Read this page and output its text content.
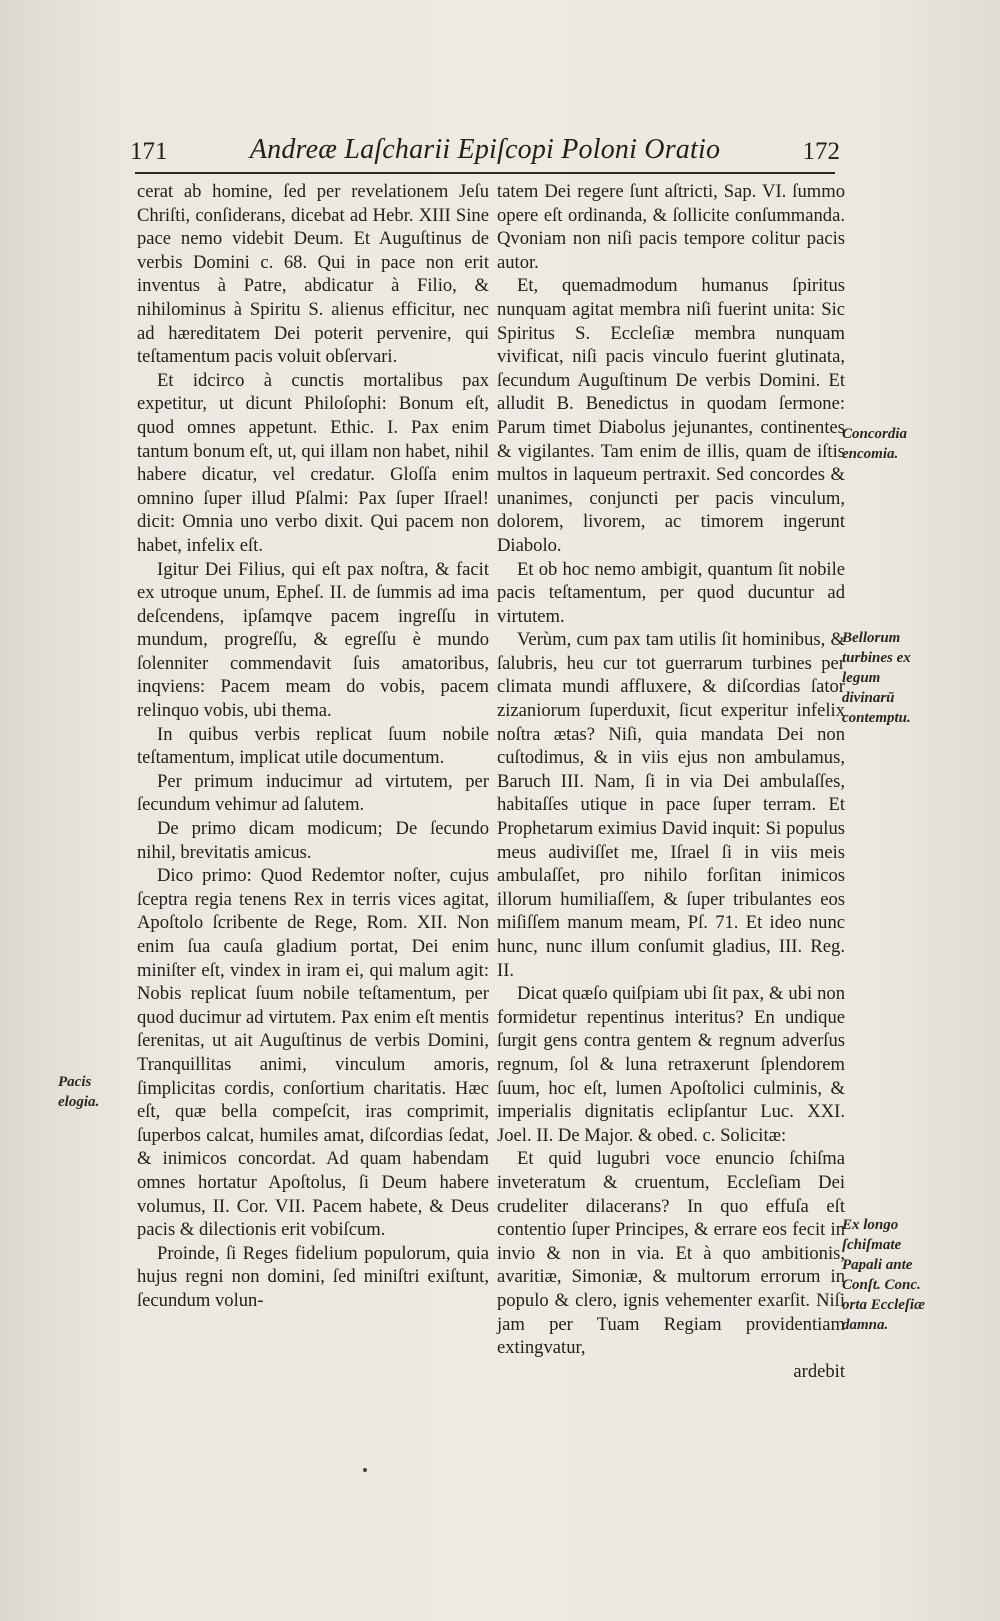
171	Andreæ Laſcharii Epiſcopi Poloni Oratio	172

cerat ab homine, ſed per revelationem Jeſu Chriſti, conſiderans, dicebat ad Hebr. XIII Sine pace nemo videbit Deum. Et Auguſtinus de verbis Domini c. 68. Qui in pace non erit inventus à Patre, abdicatur à Filio, & nihilominus à Spiritu S. alienus efficitur, nec ad hæreditatem Dei poterit pervenire, qui teſtamentum pacis voluit obſervari.

Et idcirco à cunctis mortalibus pax expetitur, ut dicunt Philoſophi: Bonum eſt, quod omnes appetunt. Ethic. I. Pax enim tantum bonum eſt, ut, qui illam non habet, nihil habere dicatur, vel credatur. Gloſſa enim omnino ſuper illud Pſalmi: Pax ſuper Iſrael! dicit: Omnia uno verbo dixit. Qui pacem non habet, infelix eſt.

Igitur Dei Filius, qui eſt pax noſtra, & facit ex utroque unum, Epheſ. II. de ſummis ad ima deſcendens, ipſamqve pacem ingreſſu in mundum, progreſſu, & egreſſu è mundo ſolenniter commendavit ſuis amatoribus, inqviens: Pacem meam do vobis, pacem relinquo vobis, ubi thema.

In quibus verbis replicat ſuum nobile teſtamentum, implicat utile documentum.

Per primum inducimur ad virtutem, per ſecundum vehimur ad ſalutem.

De primo dicam modicum; De ſecundo nihil, brevitatis amicus.

Dico primo: Quod Redemtor noſter, cujus ſceptra regia tenens Rex in terris vices agitat, Apoſtolo ſcribente de Rege, Rom. XII. Non enim ſua cauſa gladium portat, Dei enim miniſter eſt, vindex in iram ei, qui malum agit: Nobis replicat ſuum nobile teſtamentum, per quod ducimur ad virtutem. Pax enim eſt mentis ſerenitas, ut ait Auguſtinus de verbis Domini, Tranquillitas animi, vinculum amoris, ſimplicitas cordis, conſortium charitatis. Hæc eſt, quæ bella compeſcit, iras comprimit, ſuperbos calcat, humiles amat, diſcordias ſedat, & inimicos concordat. Ad quam habendam omnes hortatur Apoſtolus, ſi Deum habere volumus, II. Cor. VII. Pacem habete, & Deus pacis & dilectionis erit vobiſcum.

Proinde, ſi Reges fidelium populorum, quia hujus regni non domini, ſed miniſtri exiſtunt, ſecundum volun-

tatem Dei regere ſunt aſtricti, Sap. VI. ſummo opere eſt ordinanda, & ſollicite conſummanda. Qvoniam non niſi pacis tempore colitur pacis autor.

Et, quemadmodum humanus ſpiritus nunquam agitat membra niſi fuerint unita: Sic Spiritus S. Eccleſiæ membra nunquam vivificat, niſi pacis vinculo fuerint glutinata, ſecundum Auguſtinum De verbis Domini. Et alludit B. Benedictus in quodam ſermone: Parum timet Diabolus jejunantes, continentes & vigilantes. Tam enim de illis, quam de iſtis multos in laqueum pertraxit. Sed concordes & unanimes, conjuncti per pacis vinculum, dolorem, livorem, ac timorem ingerunt Diabolo.

Et ob hoc nemo ambigit, quantum ſit nobile pacis teſtamentum, per quod ducuntur ad virtutem.

Verùm, cum pax tam utilis ſit hominibus, & ſalubris, heu cur tot guerrarum turbines per climata mundi affluxere, & diſcordias ſator zizaniorum ſuperduxit, ſicut experitur infelix noſtra ætas? Niſi, quia mandata Dei non cuſtodimus, & in viis ejus non ambulamus, Baruch III. Nam, ſi in via Dei ambulaſſes, habitaſſes utique in pace ſuper terram. Et Prophetarum eximius David inquit: Si populus meus audiviſſet me, Iſrael ſi in viis meis ambulaſſet, pro nihilo forſitan inimicos illorum humiliaſſem, & ſuper tribulantes eos miſiſſem manum meam, Pſ. 71. Et ideo nunc hunc, nunc illum conſumit gladius, III. Reg. II.

Dicat quæſo quiſpiam ubi ſit pax, & ubi non formidetur repentinus interitus? En undique ſurgit gens contra gentem & regnum adverſus regnum, ſol & luna retraxerunt ſplendorem ſuum, hoc eſt, lumen Apoſtolici culminis, & imperialis dignitatis eclipſantur Luc. XXI. Joel. II. De Major. & obed. c. Solicitæ:

Et quid lugubri voce enuncio ſchiſma inveteratum & cruentum, Eccleſiam Dei crudeliter dilacerans? In quo effuſa eſt contentio ſuper Principes, & errare eos fecit in invio & non in via. Et à quo ambitionis, avaritiæ, Simoniæ, & multorum errorum in populo & clero, ignis vehementer exarſit. Niſi jam per Tuam Regiam providentiam extingvatur,

ardebit

Pacis elogia.
Concordia encomia.
Bellorum turbines ex legum divinarū contemptu.
Ex longo ſchiſmate Papali ante Conſt. Conc. orta Eccleſiæ damna.
